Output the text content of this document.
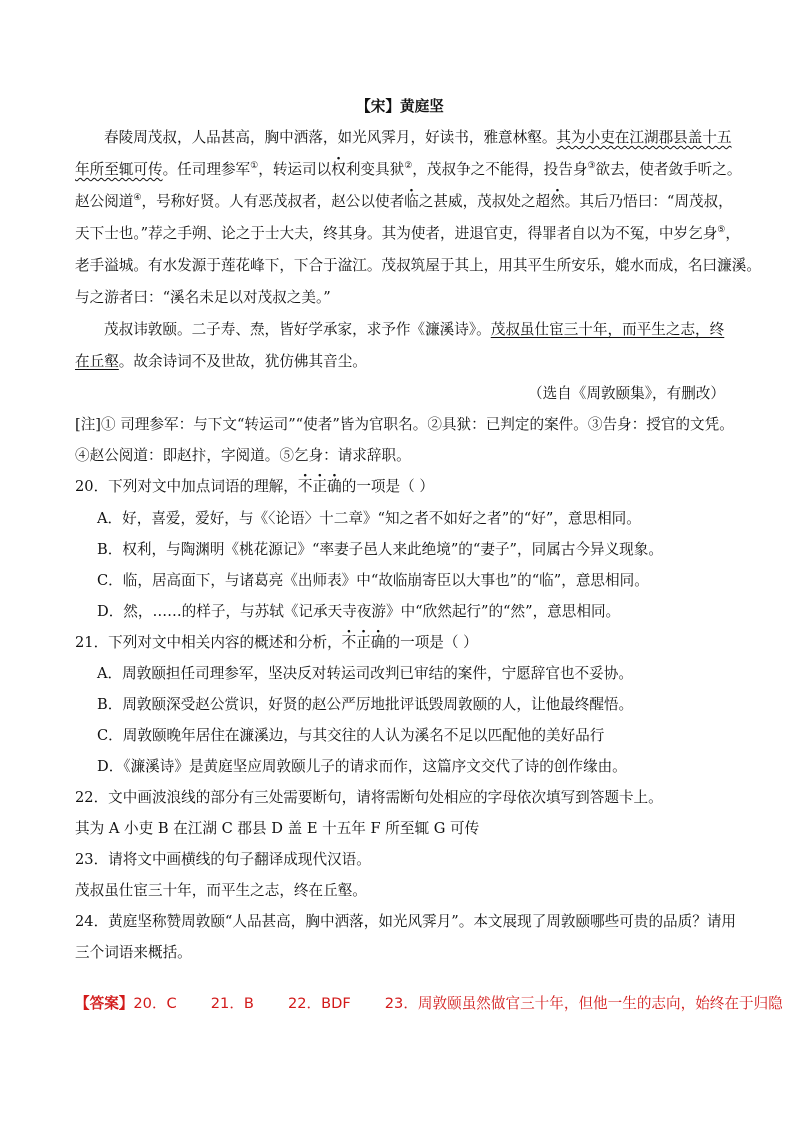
【宋】黄庭坚
春陵周茂叔，人品甚高，胸中洒落，如光风霁月，好读书，雅意林壑。其为小吏在江湖郡县盖十五
年所至辄可传。任司理参军①，转运司以权利变具狱②，茂叔争之不能得，投告身③欲去，使者敛手听之。
赵公阅道④，号称好贤。人有恶茂叔者，赵公以使者临之甚威，茂叔处之超然。其后乃悟曰：“周茂叔，
天下士也。”荐之手朔、论之于士大夫，终其身。其为使者，进退官吏，得罪者自以为不冤，中岁乞身⑤，
老手溢城。有水发源于莲花峰下，下合于湓江。茂叔筑屋于其上，用其平生所安乐，媲水而成，名曰濂溪。
与之游者曰：“溪名未足以对茂叔之美。”
茂叔讳敦颐。二子寿、焘，皆好学承家，求予作《濂溪诗》。茂叔虽仕宦三十年，而平生之志，终
在丘壑。故余诗词不及世故，犹仿佛其音尘。
（选自《周敦颐集》，有删改）
[注]① 司理参军：与下文“转运司”“使者”皆为官职名。②具狱：已判定的案件。③告身：授官的文凭。
④赵公阅道：即赵抃，字阅道。⑤乞身：请求辞职。
20．下列对文中加点词语的理解，不正确的一项是（ ）
A．好，喜爱，爱好，与《〈论语〉十二章》“知之者不如好之者”的“好”，意思相同。
B．权利，与陶渊明《桃花源记》“率妻子邑人来此绝境”的“妻子”，同属古今异义现象。
C．临，居高面下，与诸葛亮《出师表》中“故临崩寄臣以大事也”的“临”，意思相同。
D．然，……的样子，与苏轼《记承天寺夜游》中“欣然起行”的“然”，意思相同。
21．下列对文中相关内容的概述和分析，不正确的一项是（ ）
A．周敦颐担任司理参军，坚决反对转运司改判已审结的案件，宁愿辞官也不妥协。
B．周敦颐深受赵公赏识，好贤的赵公严厉地批评诋毁周敦颐的人，让他最终醒悟。
C．周敦颐晚年居住在濂溪边，与其交往的人认为溪名不足以匹配他的美好品行
D．《濂溪诗》是黄庭坚应周敦颐儿子的请求而作，这篇序文交代了诗的创作缘由。
22．文中画波浪线的部分有三处需要断句，请将需断句处相应的字母依次填写到答题卡上。
其为 A 小吏 B 在江湖 C 郡县 D 盖 E 十五年 F 所至辄 G 可传
23．请将文中画横线的句子翻译成现代汉语。
茂叔虽仕宦三十年，而平生之志，终在丘壑。
24．黄庭坚称赞周敦颐“人品甚高，胸中洒落，如光风霁月”。本文展现了周敦颐哪些可贵的品质？请用
三个词语来概括。
【答案】20．C 21．B 22．BDF 23．周敦颐虽然做官三十年，但他一生的志向，始终在于归隐
